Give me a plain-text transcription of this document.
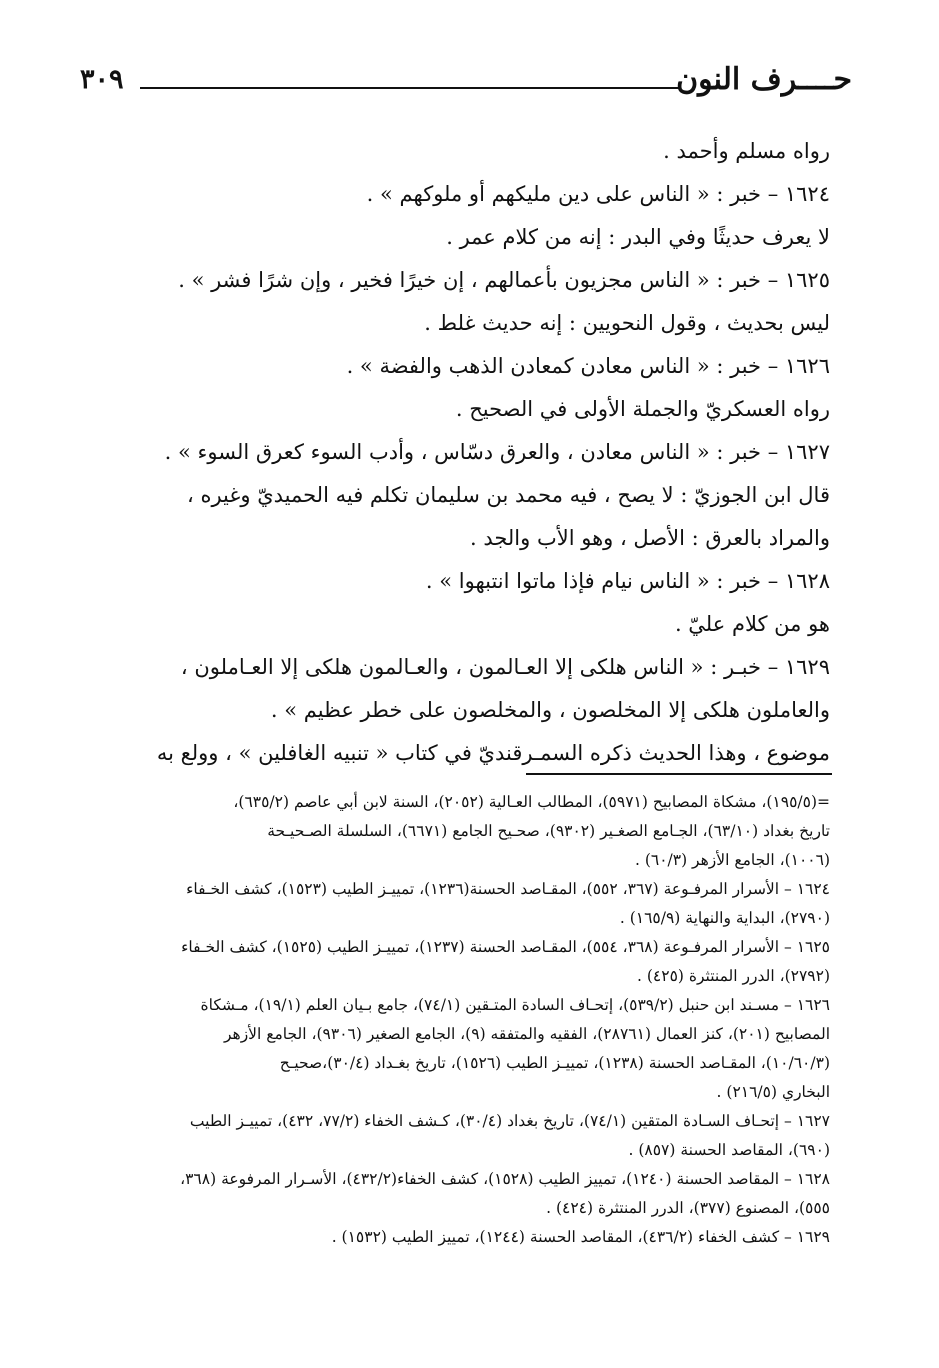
حــــرف النون
٣٠٩

رواه مسلم وأحمد .

١٦٢٤ – خبر : « الناس على دين مليكهم أو ملوكهم » .

لا يعرف حديثًا وفي البدر : إنه من كلام عمر .

١٦٢٥ – خبر : « الناس مجزيون بأعمالهم ، إن خيرًا فخير ، وإن شرًا فشر » .

ليس بحديث ، وقول النحويين : إنه حديث غلط .

١٦٢٦ – خبر : « الناس معادن كمعادن الذهب والفضة » .

رواه العسكريّ والجملة الأولى في الصحيح .

١٦٢٧ – خبر : « الناس معادن ، والعرق دسّاس ، وأدب السوء كعرق السوء » .

قال ابن الجوزيّ : لا يصح ، فيه محمد بن سليمان تكلم فيه الحميديّ وغيره ،

والمراد بالعرق : الأصل ، وهو الأب والجد .

١٦٢٨ – خبر : « الناس نيام فإذا ماتوا انتبهوا » .

هو من كلام عليّ .

١٦٢٩ – خبـر : « الناس هلكى إلا العـالمون ، والعـالمون هلكى إلا العـاملون ،

والعاملون هلكى إلا المخلصون ، والمخلصون على خطر عظيم » .

موضوع ، وهذا الحديث ذكره السمـرقنديّ في كتاب « تنبيه الغافلين » ، وولع به

=(١٩٥/٥)، مشكاة المصابيح (٥٩٧١)، المطالب العـالية (٢٠٥٢)، السنة لابن أبي عاصم (٦٣٥/٢)،

تاريخ بغداد (٦٣/١٠)، الجـامع الصغـير (٩٣٠٢)، صحـيح الجامع (٦٦٧١)، السلسلة الصـحيـحة

(١٠٠٦)، الجامع الأزهر (٦٠/٣) .

١٦٢٤ – الأسرار المرفـوعة (٣٦٧، ٥٥٢)، المقـاصد الحسنة(١٢٣٦)، تمييـز الطيب (١٥٢٣)، كشف الخـفاء

(٢٧٩٠)، البداية والنهاية (١٦٥/٩) .

١٦٢٥ – الأسرار المرفـوعة (٣٦٨، ٥٥٤)، المقـاصد الحسنة (١٢٣٧)، تمييـز الطيب (١٥٢٥)، كشف الخـفاء

(٢٧٩٢)، الدرر المنتثرة (٤٢٥) .

١٦٢٦ – مسـند ابن حنبل (٥٣٩/٢)، إتحـاف السادة المتـقين (٧٤/١)، جامع بـيان العلم (١٩/١)، مـشكاة

المصابيح (٢٠١)، كنز العمال (٢٨٧٦١)، الفقيه والمتفقه (٩)، الجامع الصغير (٩٣٠٦)، الجامع الأزهر

(١٠/٦٠/٣)، المقـاصد الحسنة (١٢٣٨)، تمييـز الطيب (١٥٢٦)، تاريخ بغـداد (٣٠/٤)،صحيـح

البخاري (٢١٦/٥) .

١٦٢٧ – إتحـاف السـادة المتقين (٧٤/١)، تاريخ بغداد (٣٠/٤)، كـشف الخفاء (٧٧/٢، ٤٣٢)، تمييـز الطيب

(٦٩٠)، المقاصد الحسنة (٨٥٧) .

١٦٢٨ – المقاصد الحسنة (١٢٤٠)، تمييز الطيب (١٥٢٨)، كشف الخفاء(٤٣٢/٢)، الأسـرار المرفوعة (٣٦٨،

٥٥٥)، المصنوع (٣٧٧)، الدرر المنتثرة (٤٢٤) .

١٦٢٩ – كشف الخفاء (٤٣٦/٢)، المقاصد الحسنة (١٢٤٤)، تمييز الطيب (١٥٣٢) .
